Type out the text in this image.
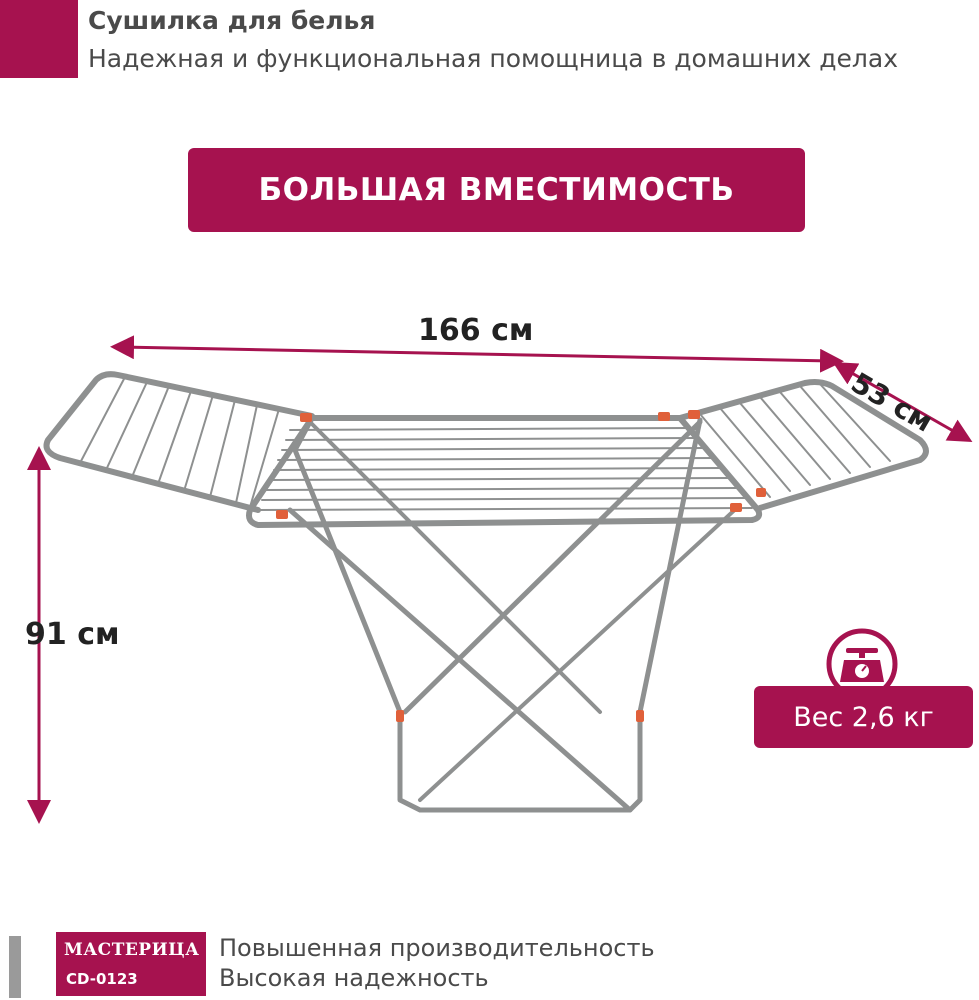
Сушилка для белья
Надежная и функциональная помощница в домашних делах
БОЛЬШАЯ ВМЕСТИМОСТЬ
166 см
53 см
91 см
Вес 2,6 кг
МАСТЕРИЦА
CD-0123
Повышенная производительность
Высокая надежность
